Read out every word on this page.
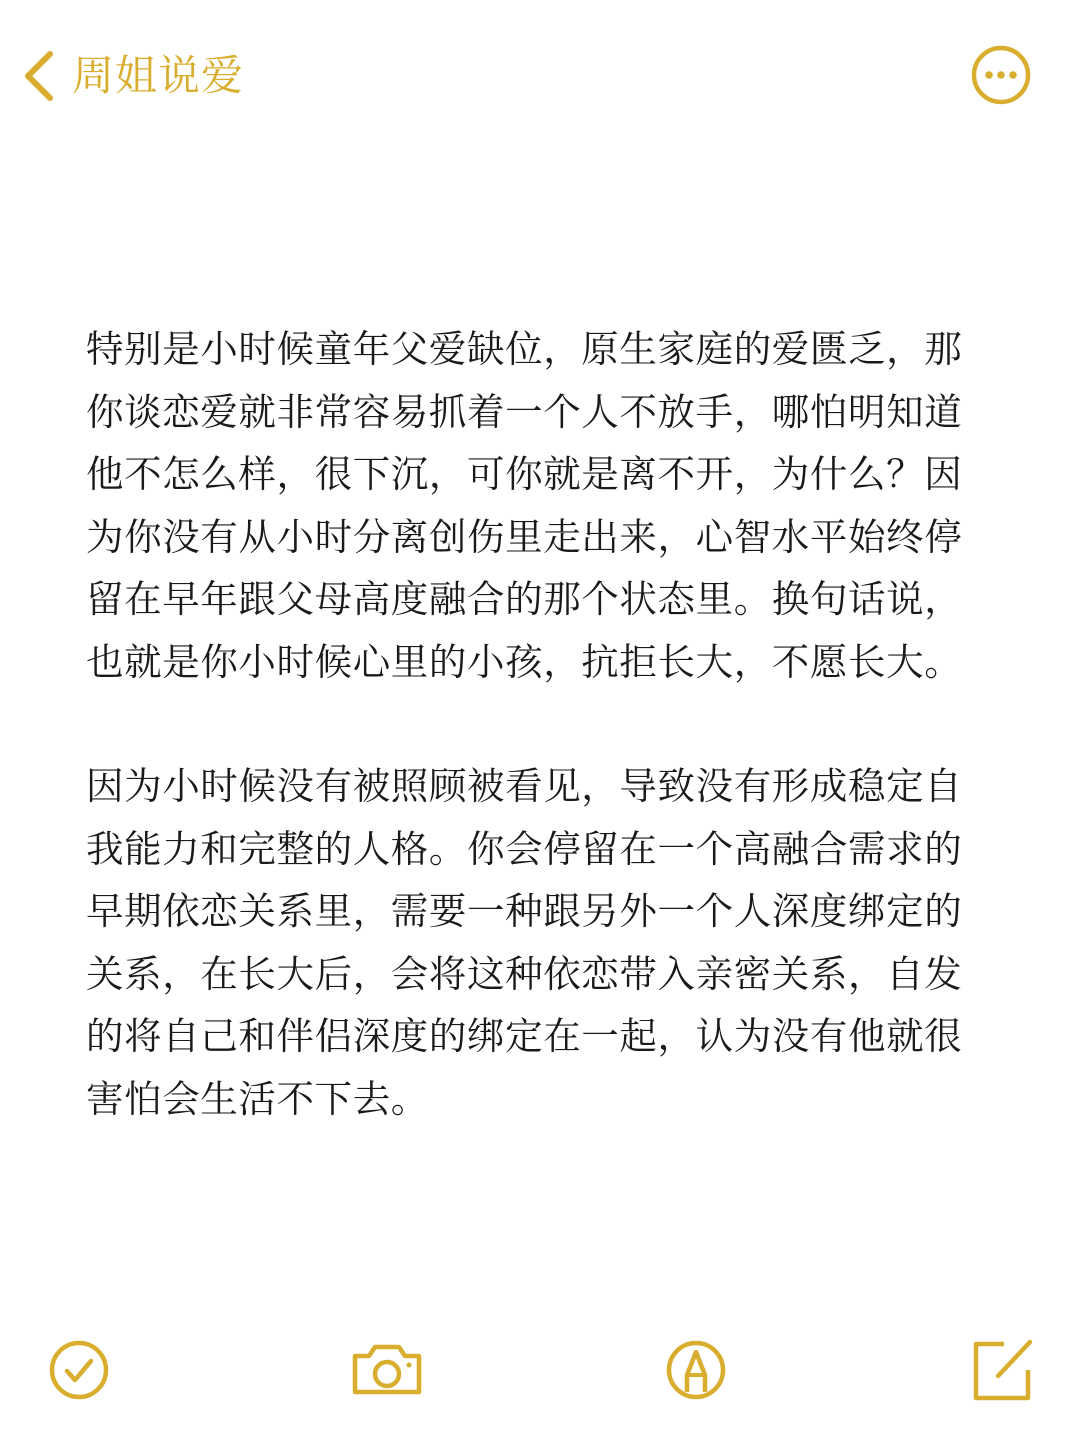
周姐说爱

特别是小时候童年父爱缺位，原生家庭的爱匮乏，那你谈恋爱就非常容易抓着一个人不放手，哪怕明知道他不怎么样，很下沉，可你就是离不开，为什么？因为你没有从小时分离创伤里走出来，心智水平始终停留在早年跟父母高度融合的那个状态里。换句话说，也就是你小时候心里的小孩，抗拒长大，不愿长大。

因为小时候没有被照顾被看见，导致没有形成稳定自我能力和完整的人格。你会停留在一个高融合需求的早期依恋关系里，需要一种跟另外一个人深度绑定的关系，在长大后，会将这种依恋带入亲密关系，自发的将自己和伴侣深度的绑定在一起，认为没有他就很害怕会生活不下去。
